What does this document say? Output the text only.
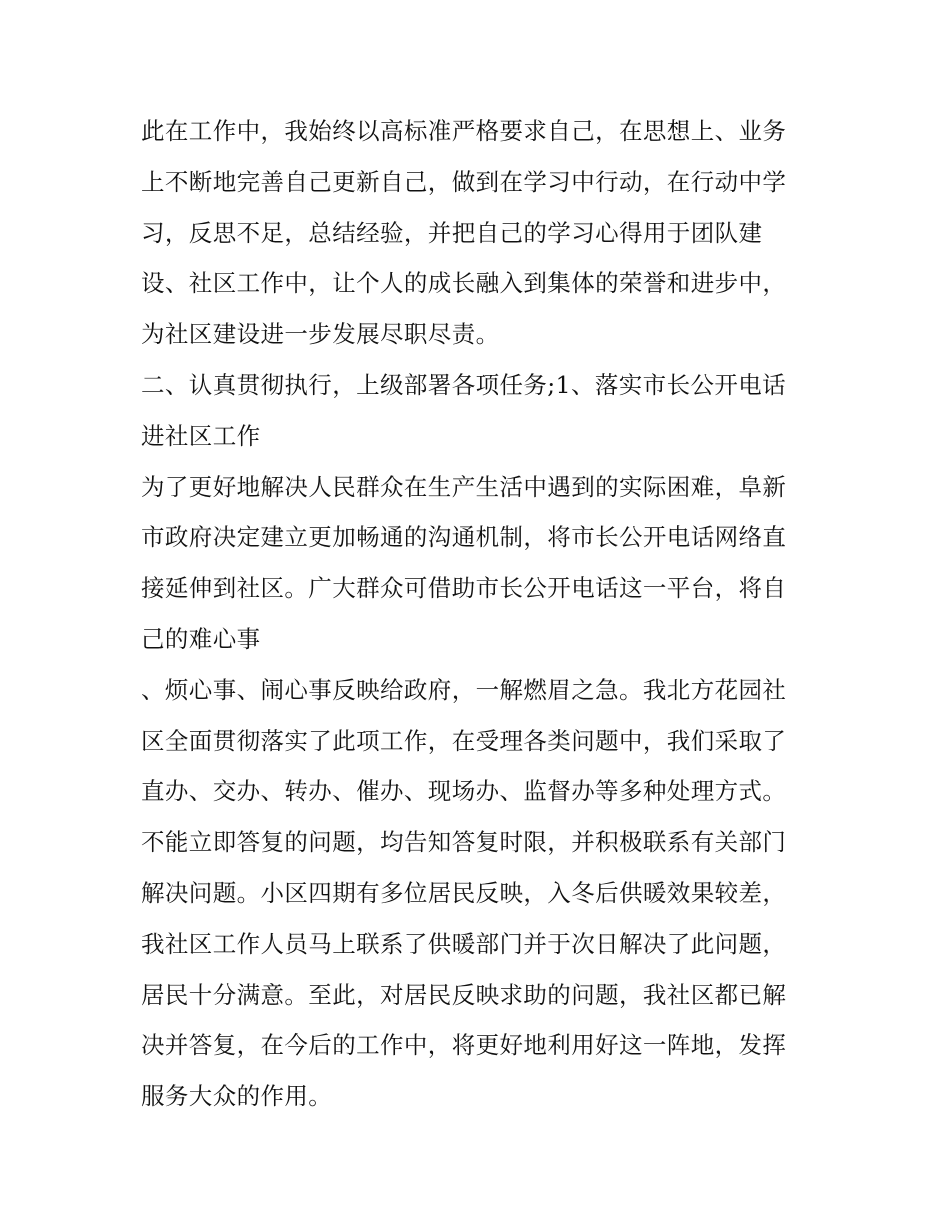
此在工作中，我始终以高标准严格要求自己，在思想上、业务
上不断地完善自己更新自己，做到在学习中行动，在行动中学
习，反思不足，总结经验，并把自己的学习心得用于团队建
设、社区工作中，让个人的成长融入到集体的荣誉和进步中，
为社区建设进一步发展尽职尽责。
二、认真贯彻执行，上级部署各项任务;1、落实市长公开电话
进社区工作
为了更好地解决人民群众在生产生活中遇到的实际困难，阜新
市政府决定建立更加畅通的沟通机制，将市长公开电话网络直
接延伸到社区。广大群众可借助市长公开电话这一平台，将自
己的难心事
、烦心事、闹心事反映给政府，一解燃眉之急。我北方花园社
区全面贯彻落实了此项工作，在受理各类问题中，我们采取了
直办、交办、转办、催办、现场办、监督办等多种处理方式。
不能立即答复的问题，均告知答复时限，并积极联系有关部门
解决问题。小区四期有多位居民反映，入冬后供暖效果较差，
我社区工作人员马上联系了供暖部门并于次日解决了此问题，
居民十分满意。至此，对居民反映求助的问题，我社区都已解
决并答复，在今后的工作中，将更好地利用好这一阵地，发挥
服务大众的作用。
